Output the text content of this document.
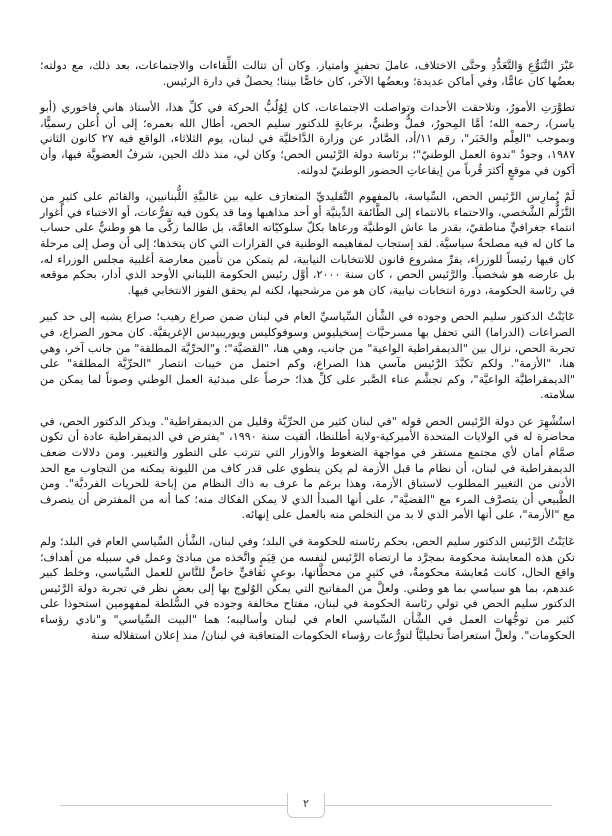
عَبْرَ التَّنَوُّعِ وَالتَّعَدُّدِ وحتَّى الاختلاف، عاملَ تحفيزٍ وامتياز. وكان أن تتالت اللِّقاءات والاجتماعات، بعد ذلك، مع دولته؛ بعضُها كان عامًّا، وفي أماكن عديدة؛ وبعضُها الآخر، كان خاصًّا بيننا؛ يحصلُ في دارة الرئيس.

تطوَّرَتِ الأمورُ، وتلاحقت الأحداث وتواصلت الاجتماعات، كان لِوُلُبُّ الحركة في كلِّ هذا، الأستاذ هاني فاخوري (أبو ياسر)، رحمه الله؛ أمَّا المِحورُ، فملٌّ وطنيٌّ، برعايةٍ للدكتور سليم الحص، أطال الله بعمره؛ إلى أن أُعلن رسميًّا، وبموجب "العِلْم والخَبَر"، رقم ١١/أد، الصَّادر عن وزارة الدَّاخليَّة في لبنان، يوم الثلاثاء، الواقع فيه ٢٧ كانون الثاني ١٩٨٧، وجودُ "ندوة العمل الوطنيّ"؛ برئاسة دولة الرَّئيس الحص؛ وكان لي، منذ ذلك الحين، شرفُ العضويَّة فيها، وأن أكون في موقعٍ أكثرَ قُرباً من إيقاعاتِ الحضور الوطنيّ لدولته.

لَمْ يُمارِس الرَّئيس الحص، السِّياسة، بالمفهوم التَّقليديِّ المتعارَف عليه بين غالبيَّةِ اللُّبنانيين، والقائم على كثيرٍ من التَّزَلُّم الشَّخصي، والاحتماء بالانتماء إلى الطَّائفة الدِّينيَّة أو أحد مذاهبها وما قد يكون فيه تفرُّعات، أو الاختباء في أغوار انتماء جغرافيٍّ مناطقيّ، بقدر ما عاش الوطنيَّة ورعاها بكلّ سلوكيّاته العامَّة، بل طالما زكَّى ما هو وطنيٌّ على حساب ما كان له فيه مصلحةٌ سياسيَّة. لقد إستجاب لمفاهيمه الوطنية في القرارات التي كان يتخذها؛ إلى أن وصل إلى مرحلة كان فيها رئيساً للوزراء، يقرِّ مشروع قانون للانتخابات النيابية، لم يتمكن من تأمين معارضة أغلبية مجلس الوزراء له، بل عارضه هو شخصياً. والرَّئيس الحص ، كان سنة ٢٠٠٠، أوَّل رئيس الحكومة اللبناني الأوحد الذي أدار، بحكم موقعه في رئاسة الحكومة، دورة انتخابات نيابية، كان هو من مرشحيها، لكنه لم يحقق الفوز الانتخابي فيها.

عَايَنْتُ الدكتور سليم الحص وجوده في الشَّأن السِّياسيِّ العام في لبنان ضمن صراع رهيب؛ صراع يشبه إلى حد كبير الصراعات (الدراما) التي تحفل بها مسرحيَّات إسخيليوس وسوفوكليس ويوريبيدس الإغريقيَّة. كان محور الصراع، في تجربة الحص، نزال بين "الديمقراطية الواعية" من جانب، وهي هنا، "القضيَّة"؛ و"الحرِّيَّة المطلقة" من جانب آخر، وهي هنا، "الأزمة". ولكم تكبَّدَ الرَّئيس مآسي هذا الصراع، وكم احتمل من خيبات انتصار "الحرِّيَّة المطلقة" على "الديمقراطيَّة الواعيَّة"، وكم تجشَّم عناء الصَّبر على كلِّ هذا؛ حرصاً على مبدئية العمل الوطني وصوناً لما يمكن من سلامته.

استُشْهِرَ عن دولة الرَّئيس الحص قوله "في لبنان كثير من الحرِّيَّة وقليل من الديمقراطية". ويذكر الدكتور الحص، في محاضرة له في الولايات المتحدة الأميركية-ولاية أطلنطا، ألقيت سنة ١٩٩٠، "يفترض في الديمقراطية عادة أن تكون صمَّام أمان لأي مجتمع مستقر في مواجهة الضغوط والأوزار التي تترتب على التطور والتغيير. ومن دلالات ضعف الديمقراطية في لبنان، أن نظام ما قبل الأزمة لم يكن ينطوي على قدر كاف من الليونة يمكنه من التجاوب مع الحد الأدنى من التغيير المطلوب لاستباق الأزمة، وهذا برغم ما عرف به ذاك النظام من إباحة للحريات الفرديَّة". ومن الطَّبيعي أن يتصرَّف المرء مع "القضيَّة"، على أنها المبدأ الذي لا يمكن الفكاك منه؛ كما أنه من المفترض أن يتصرف مع "الأزمة"، على أنها الأمر الذي لا بد من التخلص منه بالعمل على إنهائه.

عَايَنْتُ الرَّئيس الدكتور سليم الحص، بحكم رئاسته للحكومة في البلد؛ وفي لبنان، الشَّأن السِّياسي العام في البلد؛ ولم تكن هذه المعايشة محكومة بمجرَّد ما ارتضاه الرَّئيس لنفسه من قِيَمٍ واتَّخذه من مبادئ وعمل في سبيله من أهداف؛ واقع الحال، كانت مُعايشة محكومةٌ، في كثيرٍ من محطَّاتها، بوعيٍ ثقافيٍّ خاصٍّ للنَّاسِ للعمل السِّياسي، وخلط كبير عندهم، بما هو سياسي بما هو وطني. ولعلَّ من المفاتيح التي يمكن الوُلوج بها إلى بعض نظر في تجربة دولة الرَّئيس الدكتور سليم الحص في تولي رئاسة الحكومة في لبنان، مفتاح مخالفة وجوده في السُّلطة لمفهومين استحوذا على كثير من توجُّهات العمل في الشَّأن السِّياسي العام في لبنان وأساليبه؛ هما "البيت السِّياسي" و"نادي رؤساء الحكومات". ولعلَّ استعراضاً تحليليَّاً لتورُّعات رؤساء الحكومات المتعاقبة في لبنان/ منذ إعلان استقلاله سنة

٢
